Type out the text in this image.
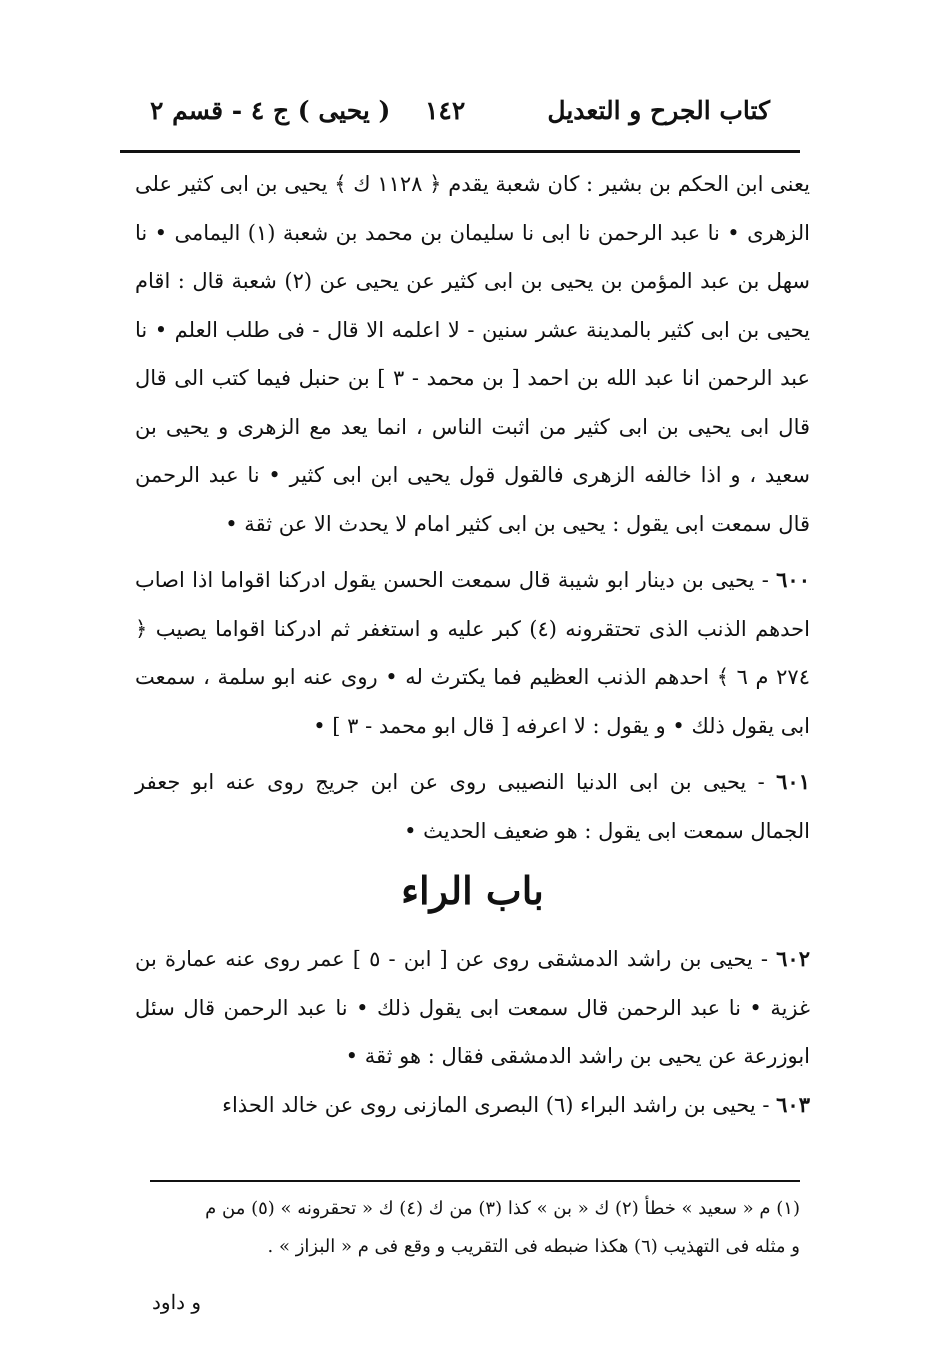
كتاب الجرح و التعديل
١٤٢
( يحيى ) ج ٤ - قسم ٢

يعنى ابن الحكم بن بشير : كان شعبة يقدم ﴿ ١١٢٨ ك ﴾ يحيى بن ابى كثير على الزهرى • نا عبد الرحمن نا ابى نا سليمان بن محمد بن شعبة (١) اليمامى • نا سهل بن عبد المؤمن بن يحيى بن ابى كثير عن يحيى عن (٢) شعبة قال : اقام يحيى بن ابى كثير بالمدينة عشر سنين - لا اعلمه الا قال - فى طلب العلم • نا عبد الرحمن انا عبد الله بن احمد [ بن محمد - ٣ ] بن حنبل فيما كتب الى قال قال ابى يحيى بن ابى كثير من اثبت الناس ، انما يعد مع الزهرى و يحيى بن سعيد ، و اذا خالفه الزهرى فالقول قول يحيى ابن ابى كثير • نا عبد الرحمن قال سمعت ابى يقول : يحيى بن ابى كثير امام لا يحدث الا عن ثقة •

٦٠٠ - يحيى بن دينار ابو شيبة قال سمعت الحسن يقول ادركنا اقواما اذا اصاب احدهم الذنب الذى تحتقرونه (٤) كبر عليه و استغفر ثم ادركنا اقواما يصيب ﴿ ٢٧٤ م ٦ ﴾ احدهم الذنب العظيم فما يكترث له • روى عنه ابو سلمة ، سمعت ابى يقول ذلك • و يقول : لا اعرفه [ قال ابو محمد - ٣ ] •

٦٠١ - يحيى بن ابى الدنيا النصيبى روى عن ابن جريج روى عنه ابو جعفر الجمال سمعت ابى يقول : هو ضعيف الحديث •

باب الراء

٦٠٢ - يحيى بن راشد الدمشقى روى عن [ ابن - ٥ ] عمر روى عنه عمارة بن غزية • نا عبد الرحمن قال سمعت ابى يقول ذلك • نا عبد الرحمن قال سئل ابوزرعة عن يحيى بن راشد الدمشقى فقال : هو ثقة •

٦٠٣ - يحيى بن راشد البراء (٦) البصرى المازنى روى عن خالد الحذاء

(١) م « سعيد » خطأ (٢) ك « بن » كذا (٣) من ك (٤) ك « تحقرونه » (٥) من م

و مثله فى التهذيب (٦) هكذا ضبطه فى التقريب و وقع فى م « البزاز » .

و داود
